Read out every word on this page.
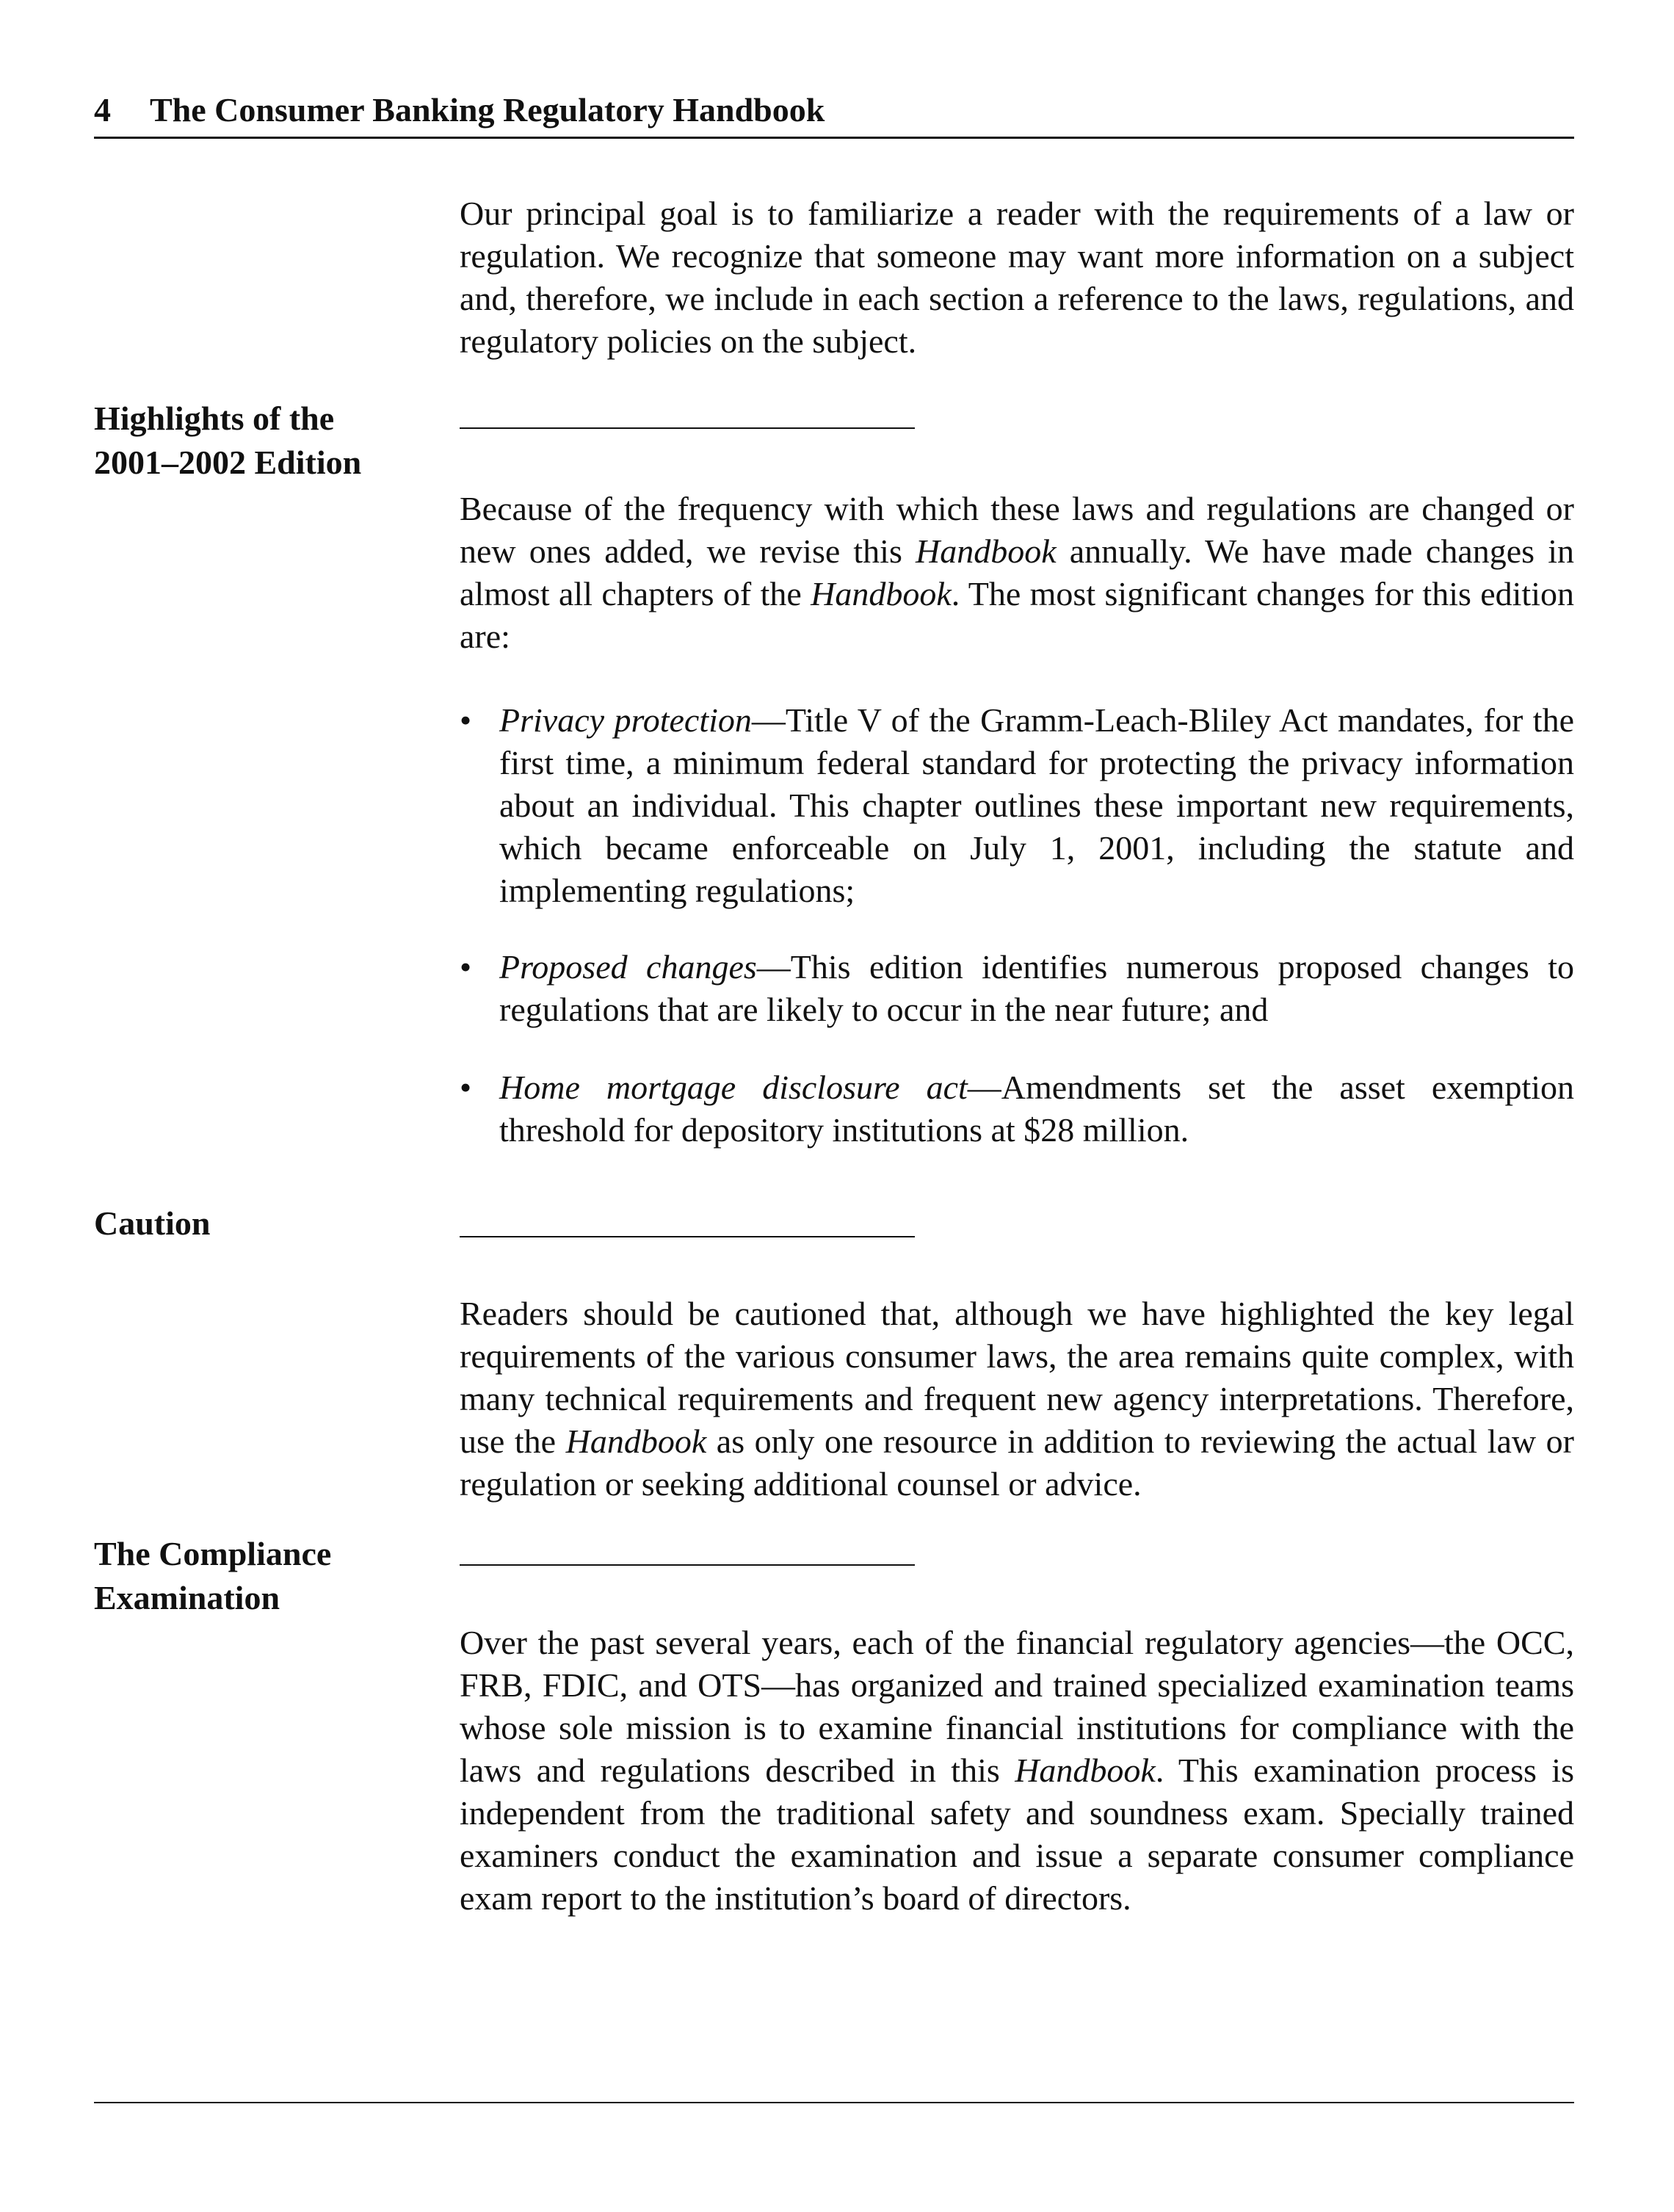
4 The Consumer Banking Regulatory Handbook

Our principal goal is to familiarize a reader with the requirements of a law or regulation. We recognize that someone may want more information on a subject and, therefore, we include in each section a reference to the laws, regulations, and regulatory policies on the subject.

Highlights of the
2001–2002 Edition

Because of the frequency with which these laws and regulations are changed or new ones added, we revise this Handbook annually. We have made changes in almost all chapters of the Handbook. The most significant changes for this edition are:

• Privacy protection—Title V of the Gramm-Leach-Bliley Act mandates, for the first time, a minimum federal standard for protecting the privacy information about an individual. This chapter outlines these important new requirements, which became enforceable on July 1, 2001, including the statute and implementing regulations;
• Proposed changes—This edition identifies numerous proposed changes to regulations that are likely to occur in the near future; and
• Home mortgage disclosure act—Amendments set the asset exemption threshold for depository institutions at $28 million.
Caution

Readers should be cautioned that, although we have highlighted the key legal requirements of the various consumer laws, the area remains quite complex, with many technical requirements and frequent new agency interpretations. Therefore, use the Handbook as only one resource in addition to reviewing the actual law or regulation or seeking additional counsel or advice.

The Compliance
Examination

Over the past several years, each of the financial regulatory agencies—the OCC, FRB, FDIC, and OTS—has organized and trained specialized examination teams whose sole mission is to examine financial institutions for compliance with the laws and regulations described in this Handbook. This examination process is independent from the traditional safety and soundness exam. Specially trained examiners conduct the examination and issue a separate consumer compliance exam report to the institution’s board of directors.
